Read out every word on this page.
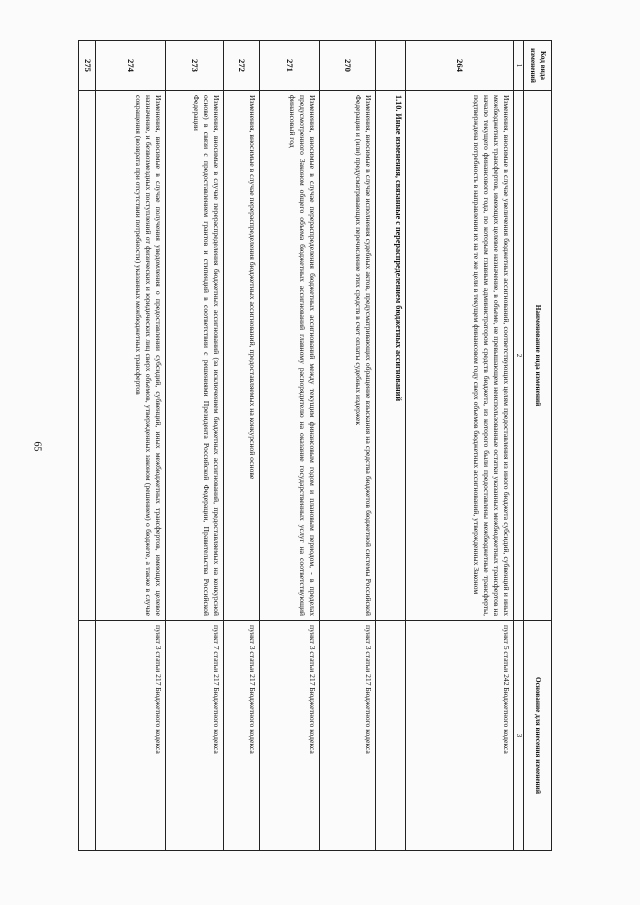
65
Код вида изменений	Наименование вида изменений	Основание для внесения изменений
1	2	3
264	Изменения, вносимые в случае увеличения бюджетных ассигнований, соответствующих целям предоставления из иного бюджета субсидий, субвенций и иных межбюджетных трансфертов, имеющих целевое назначение, в объеме, не превышающем неиспользованные остатки указанных межбюджетных трансфертов на начало текущего финансового года, по которым главным администратором средств бюджета, из которого были предоставлены межбюджетные трансферты, подтверждена потребность в направлении их на те же цели в текущем финансовом году сверх объемов бюджетных ассигнований, утвержденных Законом	пункт 5 статьи 242 Бюджетного кодекса
	1.10. Иные изменения, связанные с перераспределением бюджетных ассигнований	
270	Изменения, вносимые в случае исполнения судебных актов, предусматривающих обращение взыскания на средства бюджетов бюджетной системы Российской Федерации и (или) предусматривающих перечисление этих средств в счет оплаты судебных издержек	пункт 3 статьи 217 Бюджетного кодекса
271	Изменения, вносимые в случае перераспределения бюджетных ассигнований между текущим финансовым годом и плановым периодом, - в пределах предусмотренного Законом общего объема бюджетных ассигнований главному распорядителю на оказание государственных услуг на соответствующий финансовый год	пункт 3 статьи 217 Бюджетного кодекса
272	Изменения, вносимые в случае перераспределения бюджетных ассигнований, предоставляемых на конкурсной основе	пункт 3 статьи 217 Бюджетного кодекса
273	Изменения, вносимые в случае перераспределения бюджетных ассигнований (за исключением бюджетных ассигнований, предоставляемых на конкурсной основе) в связи с предоставлением грантов и стипендий в соответствии с решениями Президента Российской Федерации, Правительства Российской Федерации	пункт 7 статьи 217 Бюджетного кодекса
274	Изменения, вносимые в случае получения уведомления о предоставлении субсидий, субвенций, иных межбюджетных трансфертов, имеющих целевое назначение, и безвозмездных поступлений от физических и юридических лиц сверх объемов, утвержденных законом (решением) о бюджете, а также в случае сокращения (возврата при отсутствии потребности) указанных межбюджетных трансфертов	пункт 3 статьи 217 Бюджетного кодекса
275		
